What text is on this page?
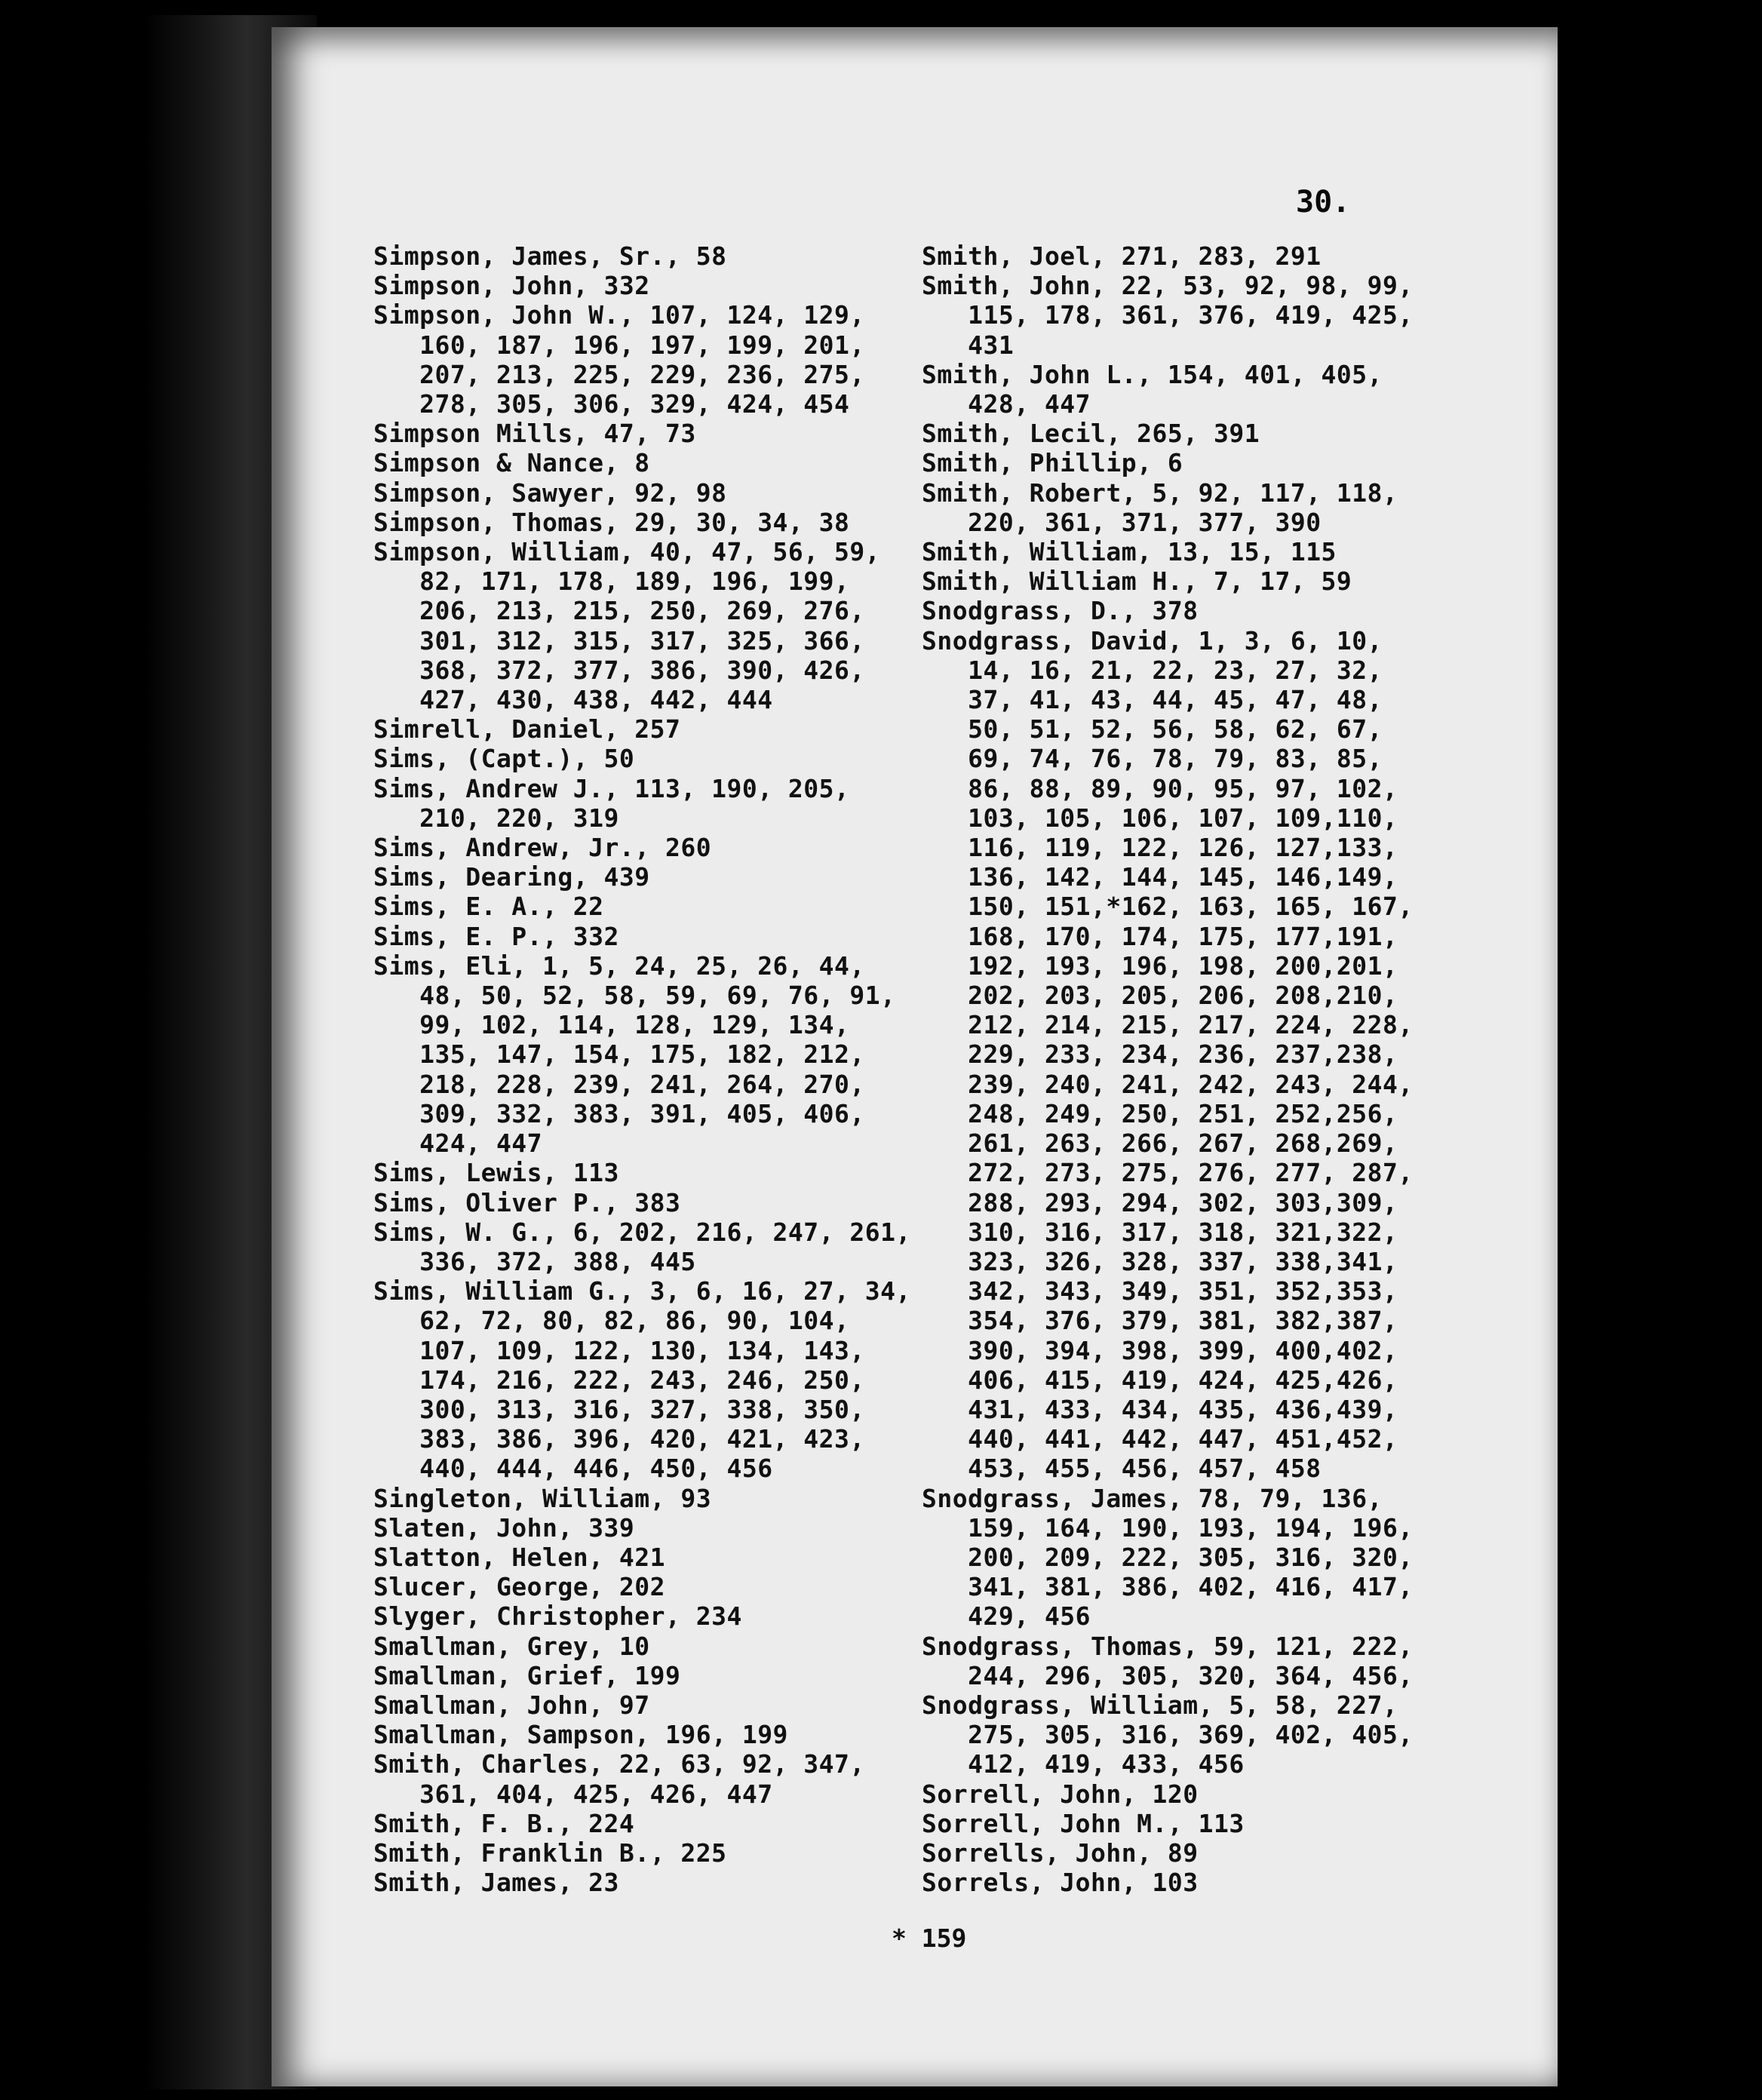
30.

Simpson, James, Sr., 58
Simpson, John, 332
Simpson, John W., 107, 124, 129,
160, 187, 196, 197, 199, 201,
207, 213, 225, 229, 236, 275,
278, 305, 306, 329, 424, 454
Simpson Mills, 47, 73
Simpson & Nance, 8
Simpson, Sawyer, 92, 98
Simpson, Thomas, 29, 30, 34, 38
Simpson, William, 40, 47, 56, 59,
82, 171, 178, 189, 196, 199,
206, 213, 215, 250, 269, 276,
301, 312, 315, 317, 325, 366,
368, 372, 377, 386, 390, 426,
427, 430, 438, 442, 444
Simrell, Daniel, 257
Sims, (Capt.), 50
Sims, Andrew J., 113, 190, 205,
210, 220, 319
Sims, Andrew, Jr., 260
Sims, Dearing, 439
Sims, E. A., 22
Sims, E. P., 332
Sims, Eli, 1, 5, 24, 25, 26, 44,
48, 50, 52, 58, 59, 69, 76, 91,
99, 102, 114, 128, 129, 134,
135, 147, 154, 175, 182, 212,
218, 228, 239, 241, 264, 270,
309, 332, 383, 391, 405, 406,
424, 447
Sims, Lewis, 113
Sims, Oliver P., 383
Sims, W. G., 6, 202, 216, 247, 261,
336, 372, 388, 445
Sims, William G., 3, 6, 16, 27, 34,
62, 72, 80, 82, 86, 90, 104,
107, 109, 122, 130, 134, 143,
174, 216, 222, 243, 246, 250,
300, 313, 316, 327, 338, 350,
383, 386, 396, 420, 421, 423,
440, 444, 446, 450, 456
Singleton, William, 93
Slaten, John, 339
Slatton, Helen, 421
Slucer, George, 202
Slyger, Christopher, 234
Smallman, Grey, 10
Smallman, Grief, 199
Smallman, John, 97
Smallman, Sampson, 196, 199
Smith, Charles, 22, 63, 92, 347,
361, 404, 425, 426, 447
Smith, F. B., 224
Smith, Franklin B., 225
Smith, James, 23
Smith, Joel, 271, 283, 291
Smith, John, 22, 53, 92, 98, 99,
115, 178, 361, 376, 419, 425,
431
Smith, John L., 154, 401, 405,
428, 447
Smith, Lecil, 265, 391
Smith, Phillip, 6
Smith, Robert, 5, 92, 117, 118,
220, 361, 371, 377, 390
Smith, William, 13, 15, 115
Smith, William H., 7, 17, 59
Snodgrass, D., 378
Snodgrass, David, 1, 3, 6, 10,
14, 16, 21, 22, 23, 27, 32,
37, 41, 43, 44, 45, 47, 48,
50, 51, 52, 56, 58, 62, 67,
69, 74, 76, 78, 79, 83, 85,
86, 88, 89, 90, 95, 97, 102,
103, 105, 106, 107, 109,110,
116, 119, 122, 126, 127,133,
136, 142, 144, 145, 146,149,
150, 151,*162, 163, 165, 167,
168, 170, 174, 175, 177,191,
192, 193, 196, 198, 200,201,
202, 203, 205, 206, 208,210,
212, 214, 215, 217, 224, 228,
229, 233, 234, 236, 237,238,
239, 240, 241, 242, 243, 244,
248, 249, 250, 251, 252,256,
261, 263, 266, 267, 268,269,
272, 273, 275, 276, 277, 287,
288, 293, 294, 302, 303,309,
310, 316, 317, 318, 321,322,
323, 326, 328, 337, 338,341,
342, 343, 349, 351, 352,353,
354, 376, 379, 381, 382,387,
390, 394, 398, 399, 400,402,
406, 415, 419, 424, 425,426,
431, 433, 434, 435, 436,439,
440, 441, 442, 447, 451,452,
453, 455, 456, 457, 458
Snodgrass, James, 78, 79, 136,
159, 164, 190, 193, 194, 196,
200, 209, 222, 305, 316, 320,
341, 381, 386, 402, 416, 417,
429, 456
Snodgrass, Thomas, 59, 121, 222,
244, 296, 305, 320, 364, 456,
Snodgrass, William, 5, 58, 227,
275, 305, 316, 369, 402, 405,
412, 419, 433, 456
Sorrell, John, 120
Sorrell, John M., 113
Sorrells, John, 89
Sorrels, John, 103

* 159
